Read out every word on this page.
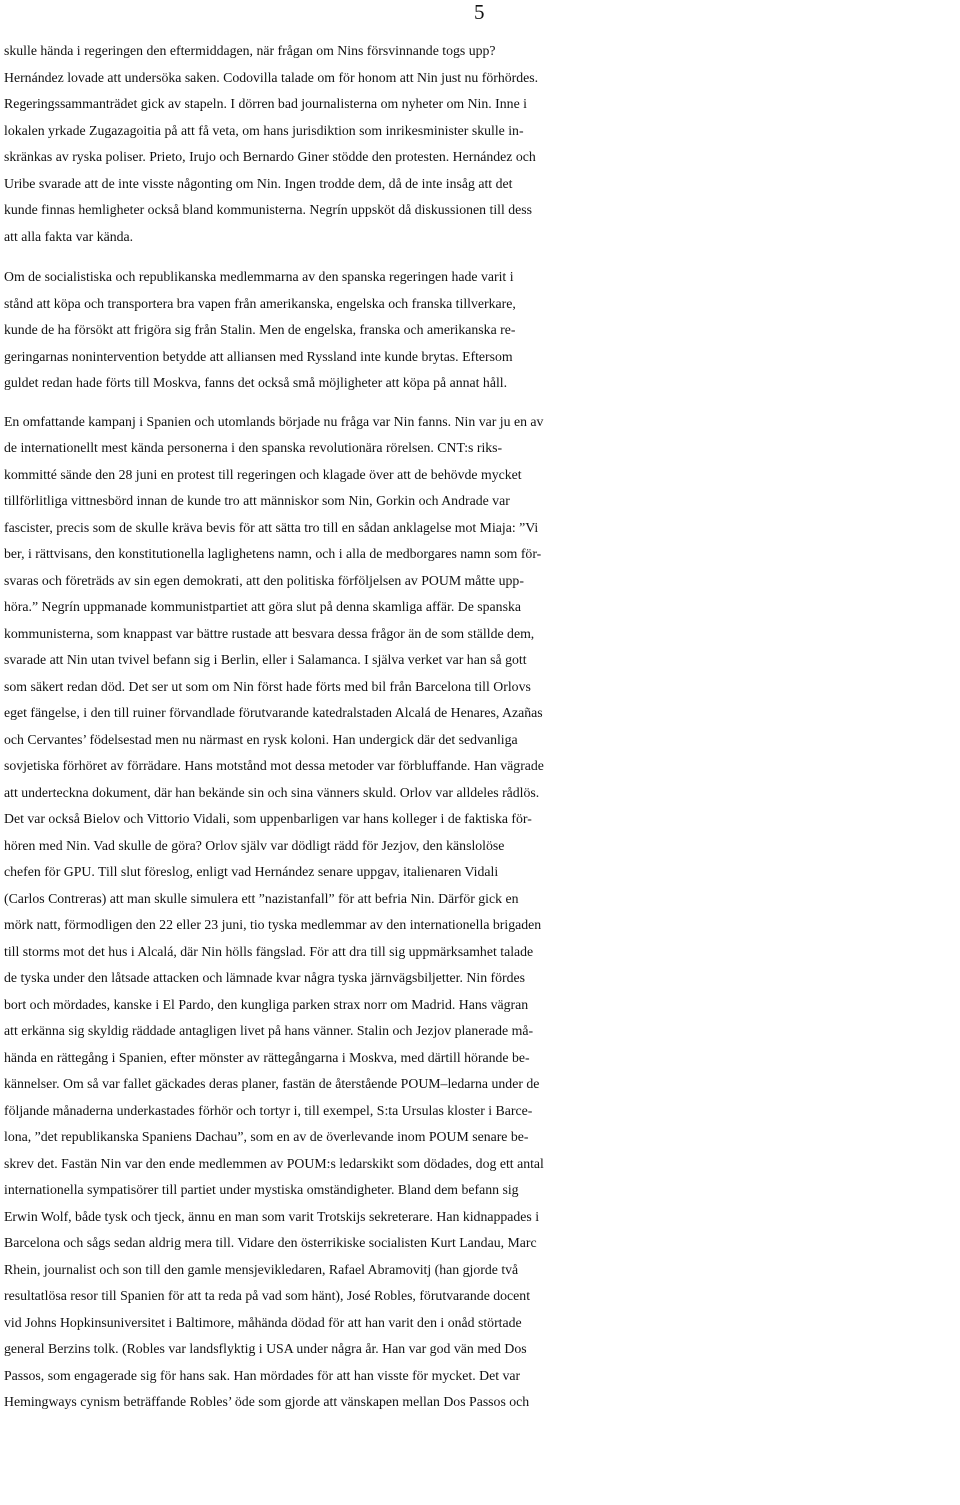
5
skulle hända i regeringen den eftermiddagen, när frågan om Nins försvinnande togs upp?
Hernández lovade att undersöka saken. Codovilla talade om för honom att Nin just nu förhördes.
Regeringssammanträdet gick av stapeln. I dörren bad journalisterna om nyheter om Nin. Inne i
lokalen yrkade Zugazagoitia på att få veta, om hans jurisdiktion som inrikesminister skulle in-
skränkas av ryska poliser. Prieto, Irujo och Bernardo Giner stödde den protesten. Hernández och
Uribe svarade att de inte visste någonting om Nin. Ingen trodde dem, då de inte insåg att det
kunde finnas hemligheter också bland kommunisterna. Negrín uppsköt då diskussionen till dess
att alla fakta var kända.
Om de socialistiska och republikanska medlemmarna av den spanska regeringen hade varit i
stånd att köpa och transportera bra vapen från amerikanska, engelska och franska tillverkare,
kunde de ha försökt att frigöra sig från Stalin. Men de engelska, franska och amerikanska re-
geringarnas nonintervention betydde att alliansen med Ryssland inte kunde brytas. Eftersom
guldet redan hade förts till Moskva, fanns det också små möjligheter att köpa på annat håll.
En omfattande kampanj i Spanien och utomlands började nu fråga var Nin fanns. Nin var ju en av
de internationellt mest kända personerna i den spanska revolutionära rörelsen. CNT:s riks-
kommitté sände den 28 juni en protest till regeringen och klagade över att de behövde mycket
tillförlitliga vittnesbörd innan de kunde tro att människor som Nin, Gorkin och Andrade var
fascister, precis som de skulle kräva bevis för att sätta tro till en sådan anklagelse mot Miaja: ”Vi
ber, i rättvisans, den konstitutionella laglighetens namn, och i alla de medborgares namn som för-
svaras och företräds av sin egen demokrati, att den politiska förföljelsen av POUM måtte upp-
höra.” Negrín uppmanade kommunistpartiet att göra slut på denna skamliga affär. De spanska
kommunisterna, som knappast var bättre rustade att besvara dessa frågor än de som ställde dem,
svarade att Nin utan tvivel befann sig i Berlin, eller i Salamanca. I själva verket var han så gott
som säkert redan död. Det ser ut som om Nin först hade förts med bil från Barcelona till Orlovs
eget fängelse, i den till ruiner förvandlade förutvarande katedralstaden Alcalá de Henares, Azañas
och Cervantes’ födelsestad men nu närmast en rysk koloni. Han undergick där det sedvanliga
sovjetiska förhöret av förrädare. Hans motstånd mot dessa metoder var förbluffande. Han vägrade
att underteckna dokument, där han bekände sin och sina vänners skuld. Orlov var alldeles rådlös.
Det var också Bielov och Vittorio Vidali, som uppenbarligen var hans kolleger i de faktiska för-
hören med Nin. Vad skulle de göra? Orlov själv var dödligt rädd för Jezjov, den känslolöse
chefen för GPU. Till slut föreslog, enligt vad Hernández senare uppgav, italienaren Vidali
(Carlos Contreras) att man skulle simulera ett ”nazistanfall” för att befria Nin. Därför gick en
mörk natt, förmodligen den 22 eller 23 juni, tio tyska medlemmar av den internationella brigaden
till storms mot det hus i Alcalá, där Nin hölls fängslad. För att dra till sig uppmärksamhet talade
de tyska under den låtsade attacken och lämnade kvar några tyska järnvägsbiljetter. Nin fördes
bort och mördades, kanske i El Pardo, den kungliga parken strax norr om Madrid. Hans vägran
att erkänna sig skyldig räddade antagligen livet på hans vänner. Stalin och Jezjov planerade må-
hända en rättegång i Spanien, efter mönster av rättegångarna i Moskva, med därtill hörande be-
kännelser. Om så var fallet gäckades deras planer, fastän de återstående POUM–ledarna under de
följande månaderna underkastades förhör och tortyr i, till exempel, S:ta Ursulas kloster i Barce-
lona, ”det republikanska Spaniens Dachau”, som en av de överlevande inom POUM senare be-
skrev det. Fastän Nin var den ende medlemmen av POUM:s ledarskikt som dödades, dog ett antal
internationella sympatisörer till partiet under mystiska omständigheter. Bland dem befann sig
Erwin Wolf, både tysk och tjeck, ännu en man som varit Trotskijs sekreterare. Han kidnappades i
Barcelona och sågs sedan aldrig mera till. Vidare den österrikiske socialisten Kurt Landau, Marc
Rhein, journalist och son till den gamle mensjevikledaren, Rafael Abramovitj (han gjorde två
resultatlösa resor till Spanien för att ta reda på vad som hänt), José Robles, förutvarande docent
vid Johns Hopkinsuniversitet i Baltimore, måhända dödad för att han varit den i onåd störtade
general Berzins tolk. (Robles var landsflyktig i USA under några år. Han var god vän med Dos
Passos, som engagerade sig för hans sak. Han mördades för att han visste för mycket. Det var
Hemingways cynism beträffande Robles’ öde som gjorde att vänskapen mellan Dos Passos och
